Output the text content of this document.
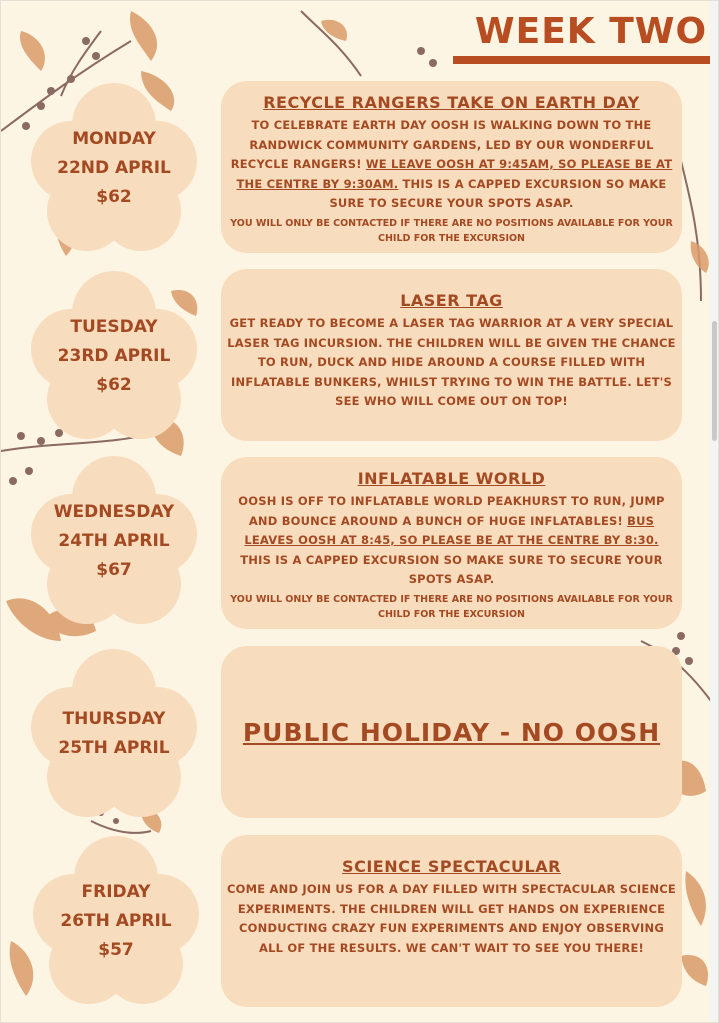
WEEK TWO
MONDAY
22ND APRIL
$62
RECYCLE RANGERS TAKE ON EARTH DAY

TO CELEBRATE EARTH DAY OOSH IS WALKING DOWN TO THE RANDWICK COMMUNITY GARDENS, LED BY OUR WONDERFUL RECYCLE RANGERS! WE LEAVE OOSH AT 9:45AM, SO PLEASE BE AT THE CENTRE BY 9:30AM. THIS IS A CAPPED EXCURSION SO MAKE SURE TO SECURE YOUR SPOTS ASAP.

YOU WILL ONLY BE CONTACTED IF THERE ARE NO POSITIONS AVAILABLE FOR YOUR CHILD FOR THE EXCURSION

TUESDAY
23RD APRIL
$62
LASER TAG

GET READY TO BECOME A LASER TAG WARRIOR AT A VERY SPECIAL LASER TAG INCURSION. THE CHILDREN WILL BE GIVEN THE CHANCE TO RUN, DUCK AND HIDE AROUND A COURSE FILLED WITH INFLATABLE BUNKERS, WHILST TRYING TO WIN THE BATTLE. LET'S SEE WHO WILL COME OUT ON TOP!

WEDNESDAY
24TH APRIL
$67
INFLATABLE WORLD

OOSH IS OFF TO INFLATABLE WORLD PEAKHURST TO RUN, JUMP AND BOUNCE AROUND A BUNCH OF HUGE INFLATABLES! BUS LEAVES OOSH AT 8:45, SO PLEASE BE AT THE CENTRE BY 8:30. THIS IS A CAPPED EXCURSION SO MAKE SURE TO SECURE YOUR SPOTS ASAP.

YOU WILL ONLY BE CONTACTED IF THERE ARE NO POSITIONS AVAILABLE FOR YOUR CHILD FOR THE EXCURSION

THURSDAY
25TH APRIL
PUBLIC HOLIDAY - NO OOSH
FRIDAY
26TH APRIL
$57
SCIENCE SPECTACULAR

COME AND JOIN US FOR A DAY FILLED WITH SPECTACULAR SCIENCE EXPERIMENTS. THE CHILDREN WILL GET HANDS ON EXPERIENCE CONDUCTING CRAZY FUN EXPERIMENTS AND ENJOY OBSERVING ALL OF THE RESULTS. WE CAN'T WAIT TO SEE YOU THERE!
